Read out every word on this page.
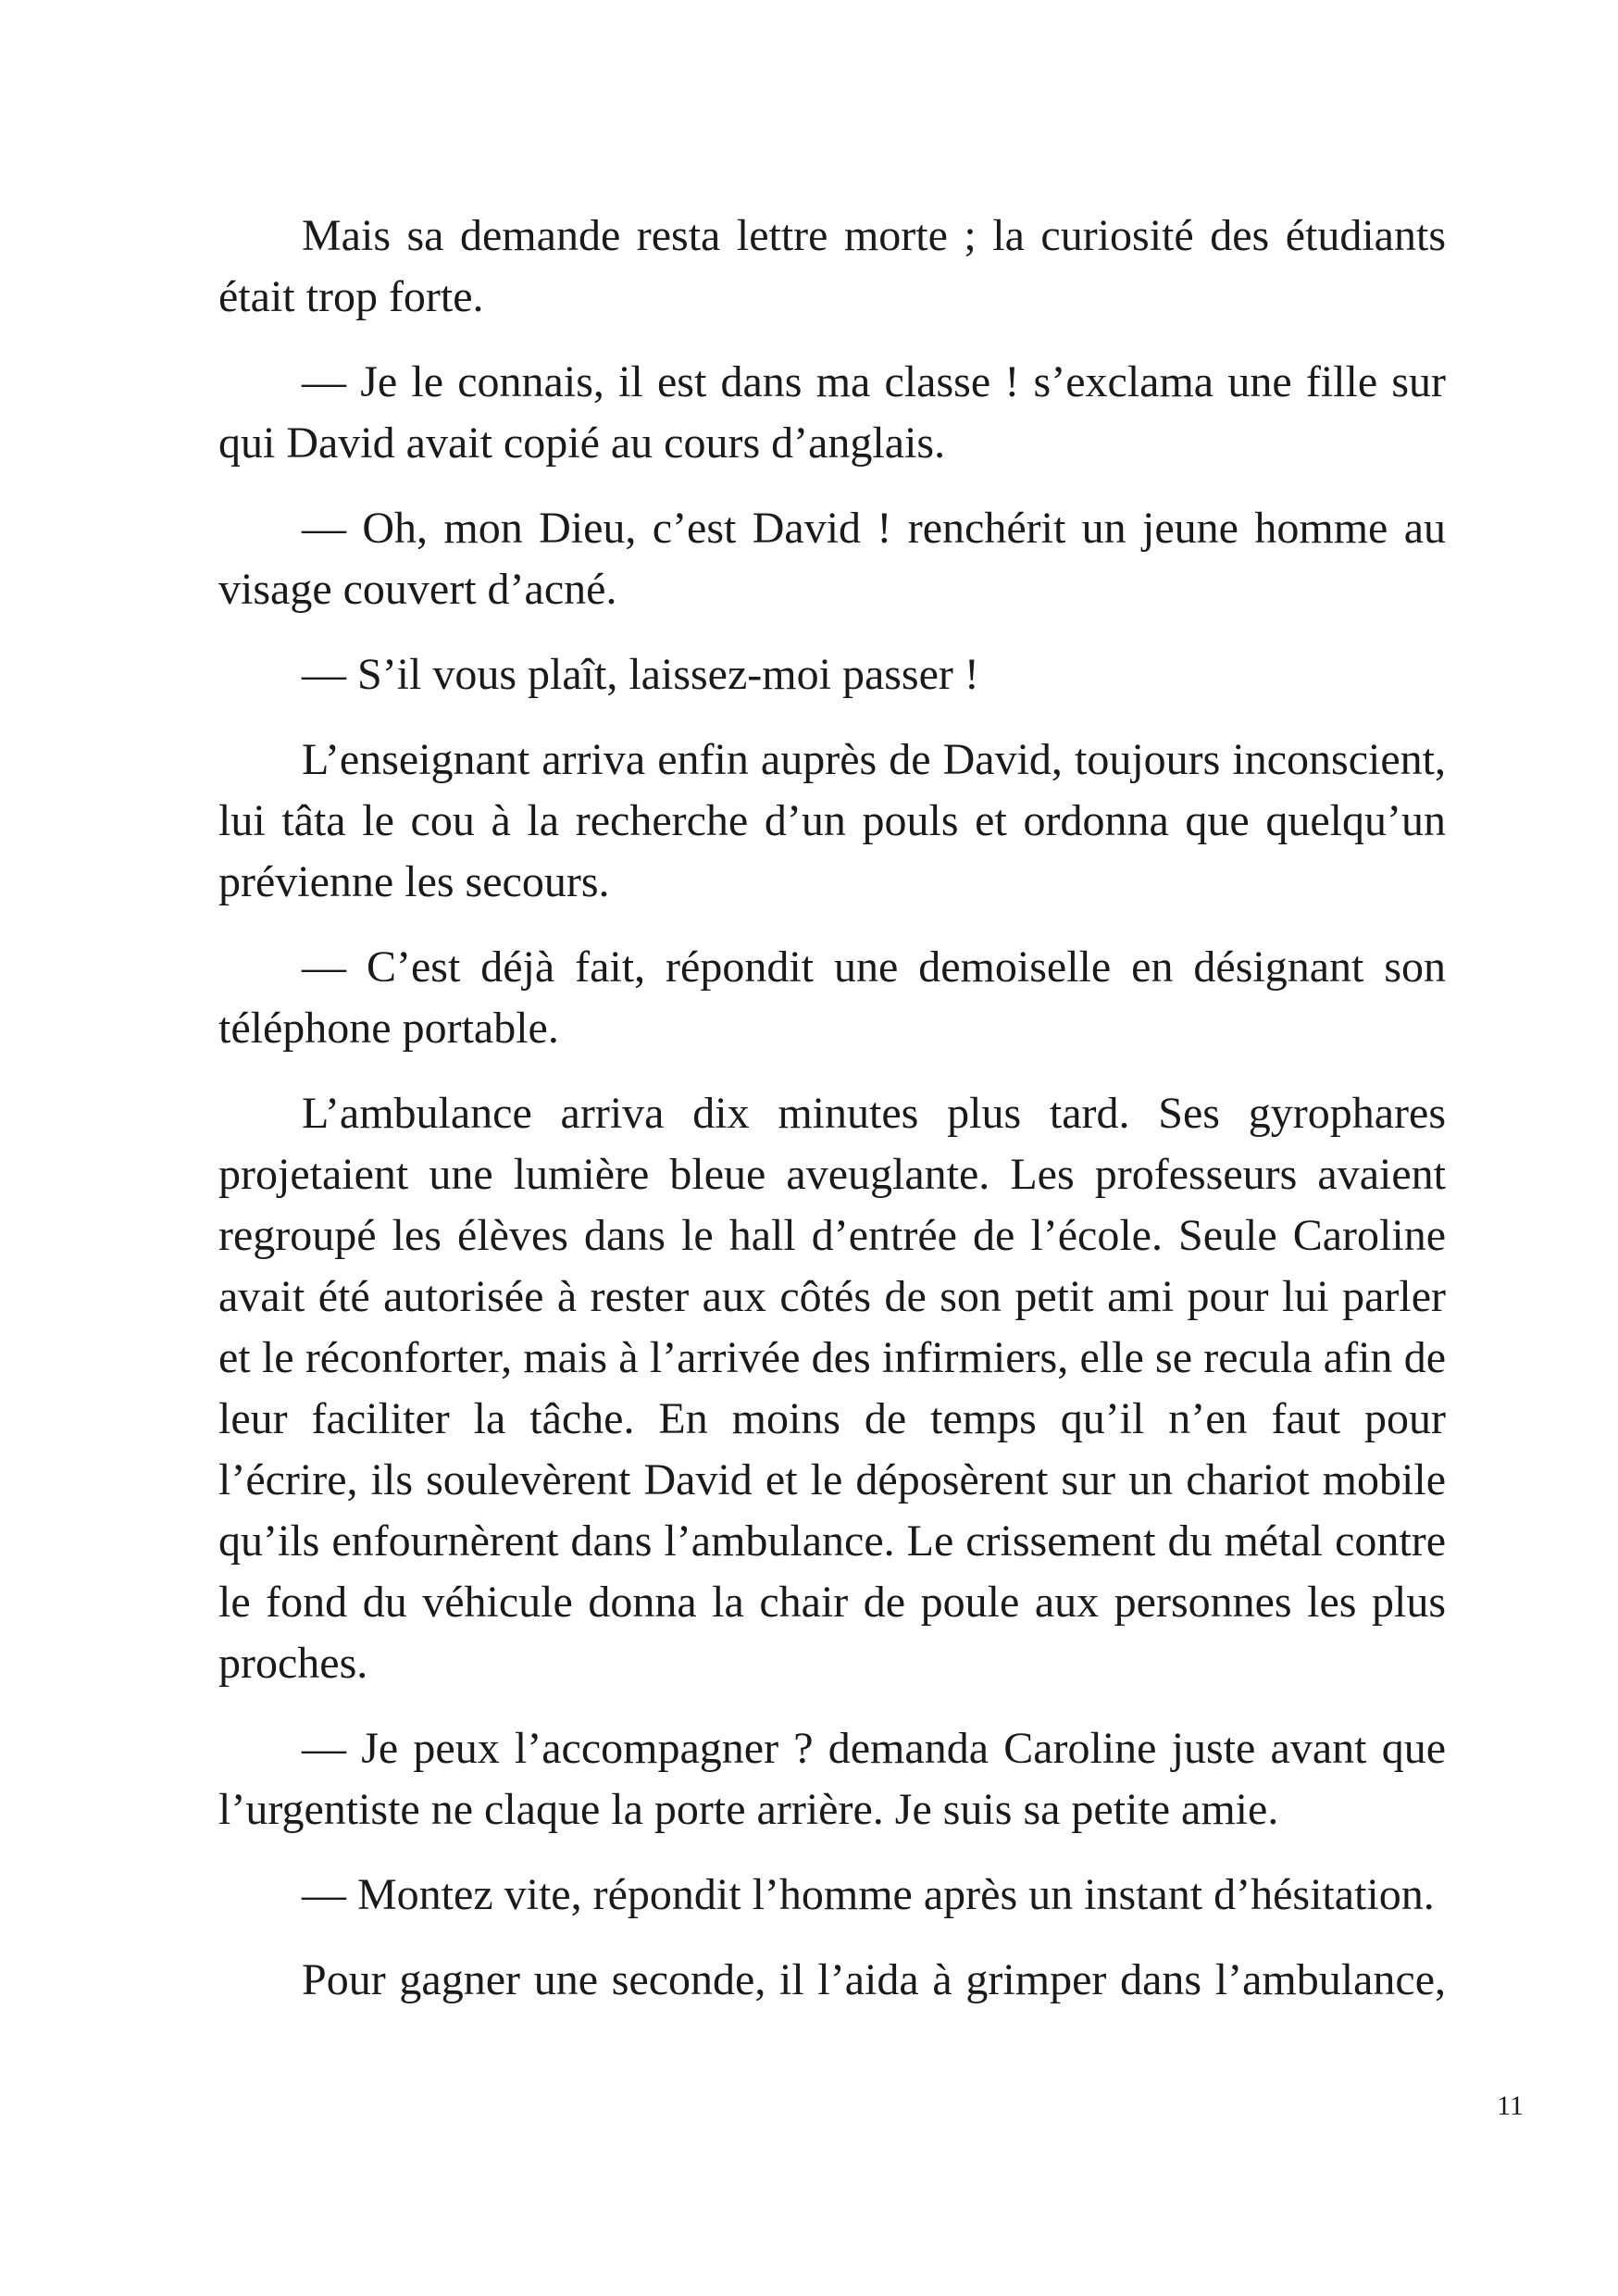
Mais sa demande resta lettre morte ; la curiosité des étudiants était trop forte.

— Je le connais, il est dans ma classe ! s’exclama une fille sur qui David avait copié au cours d’anglais.

— Oh, mon Dieu, c’est David ! renchérit un jeune homme au visage couvert d’acné.

— S’il vous plaît, laissez-moi passer !

L’enseignant arriva enfin auprès de David, toujours inconscient, lui tâta le cou à la recherche d’un pouls et ordonna que quelqu’un prévienne les secours.

— C’est déjà fait, répondit une demoiselle en désignant son téléphone portable.

L’ambulance arriva dix minutes plus tard. Ses gyrophares projetaient une lumière bleue aveuglante. Les professeurs avaient regroupé les élèves dans le hall d’entrée de l’école. Seule Caroline avait été autorisée à rester aux côtés de son petit ami pour lui parler et le réconforter, mais à l’arrivée des infirmiers, elle se recula afin de leur faciliter la tâche. En moins de temps qu’il n’en faut pour l’écrire, ils soulevèrent David et le déposèrent sur un chariot mobile qu’ils enfournèrent dans l’ambulance. Le crissement du métal contre le fond du véhicule donna la chair de poule aux personnes les plus proches.

— Je peux l’accompagner ? demanda Caroline juste avant que l’urgentiste ne claque la porte arrière. Je suis sa petite amie.

— Montez vite, répondit l’homme après un instant d’hésitation.

Pour gagner une seconde, il l’aida à grimper dans l’ambulance,

11
